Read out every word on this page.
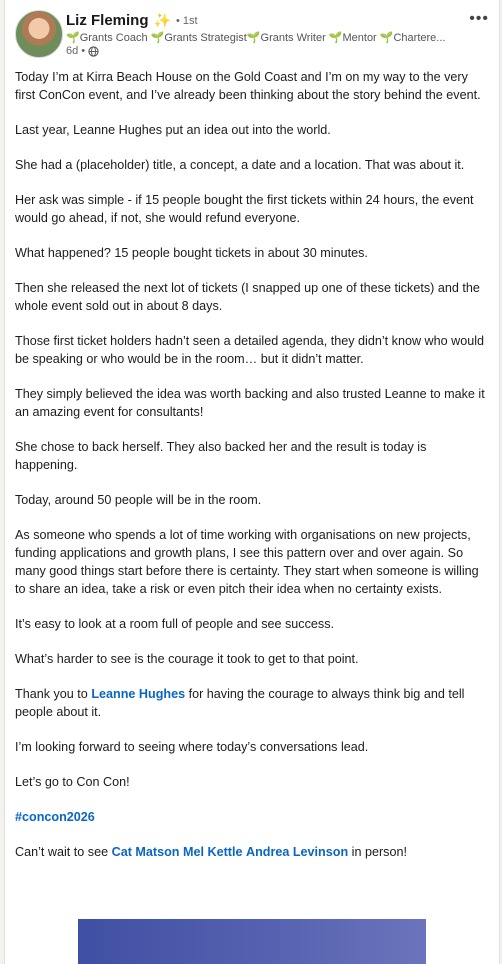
Liz Fleming ✨ • 1st
🌱Grants Coach 🌱Grants Strategist🌱Grants Writer 🌱Mentor 🌱Chartere...
6d •
•••

Today I’m at Kirra Beach House on the Gold Coast and I’m on my way to the very first ConCon event, and I’ve already been thinking about the story behind the event.

Last year, Leanne Hughes put an idea out into the world.

She had a (placeholder) title, a concept, a date and a location. That was about it.

Her ask was simple - if 15 people bought the first tickets within 24 hours, the event would go ahead, if not, she would refund everyone.

What happened? 15 people bought tickets in about 30 minutes.

Then she released the next lot of tickets (I snapped up one of these tickets) and the whole event sold out in about 8 days.

Those first ticket holders hadn’t seen a detailed agenda, they didn’t know who would be speaking or who would be in the room… but it didn’t matter.

They simply believed the idea was worth backing and also trusted Leanne to make it an amazing event for consultants!

She chose to back herself. They also backed her and the result is today is happening.

Today, around 50 people will be in the room.

As someone who spends a lot of time working with organisations on new projects, funding applications and growth plans, I see this pattern over and over again. So many good things start before there is certainty. They start when someone is willing to share an idea, take a risk or even pitch their idea when no certainty exists.

It’s easy to look at a room full of people and see success.

What’s harder to see is the courage it took to get to that point.

Thank you to Leanne Hughes for having the courage to always think big and tell people about it.

I’m looking forward to seeing where today’s conversations lead.

Let’s go to Con Con!

#concon2026

Can’t wait to see Cat Matson Mel Kettle Andrea Levinson in person!
